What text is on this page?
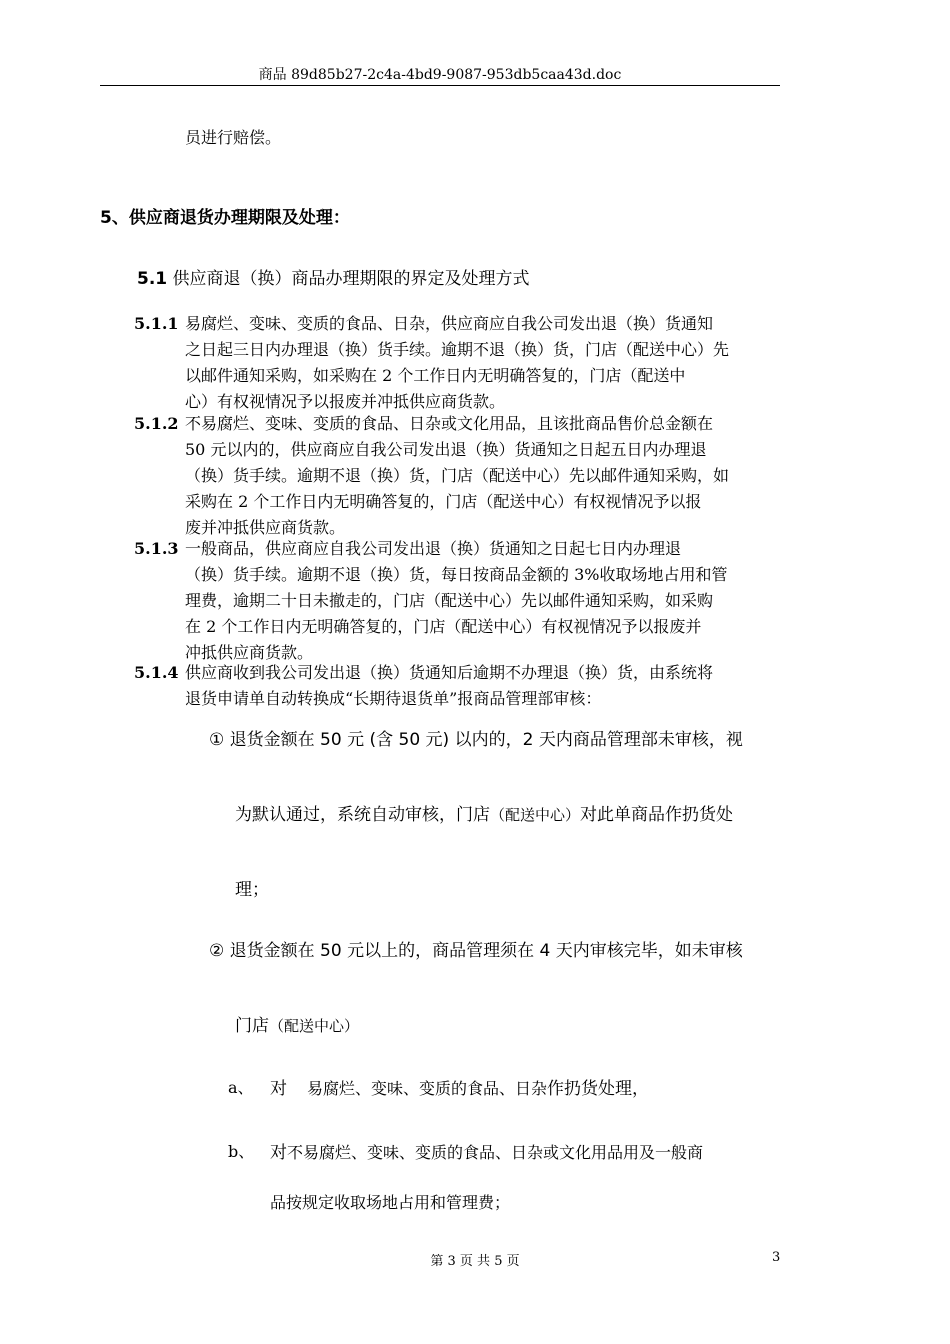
商品 89d85b27-2c4a-4bd9-9087-953db5caa43d.doc
员进行赔偿。
5、供应商退货办理期限及处理：
5.1 供应商退（换）商品办理期限的界定及处理方式
5.1.1 易腐烂、变味、变质的食品、日杂，供应商应自我公司发出退（换）货通知
之日起三日内办理退（换）货手续。逾期不退（换）货，门店（配送中心）先
以邮件通知采购，如采购在 2 个工作日内无明确答复的，门店（配送中
心）有权视情况予以报废并冲抵供应商货款。
5.1.2 不易腐烂、变味、变质的食品、日杂或文化用品，且该批商品售价总金额在
50 元以内的，供应商应自我公司发出退（换）货通知之日起五日内办理退
（换）货手续。逾期不退（换）货，门店（配送中心）先以邮件通知采购，如
采购在 2 个工作日内无明确答复的，门店（配送中心）有权视情况予以报
废并冲抵供应商货款。
5.1.3 一般商品，供应商应自我公司发出退（换）货通知之日起七日内办理退
（换）货手续。逾期不退（换）货，每日按商品金额的 3%收取场地占用和管
理费，逾期二十日未撤走的，门店（配送中心）先以邮件通知采购，如采购
在 2 个工作日内无明确答复的，门店（配送中心）有权视情况予以报废并
冲抵供应商货款。
5.1.4 供应商收到我公司发出退（换）货通知后逾期不办理退（换）货，由系统将
退货申请单自动转换成“长期待退货单”报商品管理部审核：
① 退货金额在 50 元 (含 50 元) 以内的，2 天内商品管理部未审核，视
为默认通过，系统自动审核，门店（配送中心）对此单商品作扔货处
理；
② 退货金额在 50 元以上的，商品管理须在 4 天内审核完毕，如未审核
门店（配送中心）
a、 对 易腐烂、变味、变质的食品、日杂作扔货处理，
b、 对不易腐烂、变味、变质的食品、日杂或文化用品用及一般商
品按规定收取场地占用和管理费；
第 3 页 共 5 页	3
